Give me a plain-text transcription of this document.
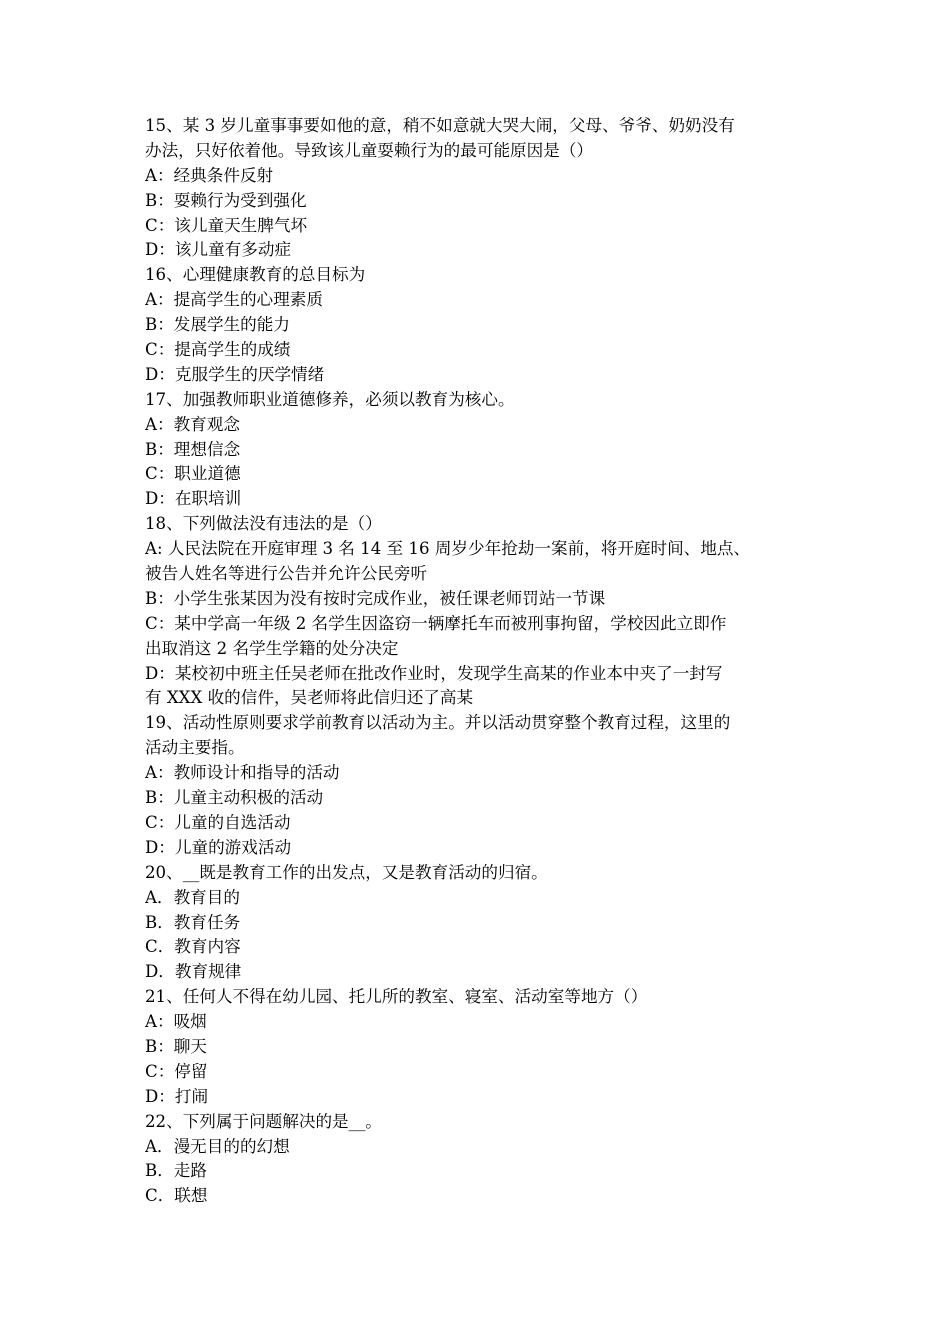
15、某 3 岁儿童事事要如他的意，稍不如意就大哭大闹，父母、爷爷、奶奶没有
办法，只好依着他。导致该儿童耍赖行为的最可能原因是（）
A：经典条件反射
B：耍赖行为受到强化
C：该儿童天生脾气坏
D：该儿童有多动症
16、心理健康教育的总目标为
A：提高学生的心理素质
B：发展学生的能力
C：提高学生的成绩
D：克服学生的厌学情绪
17、加强教师职业道德修养，必须以教育为核心。
A：教育观念
B：理想信念
C：职业道德
D：在职培训
18、下列做法没有违法的是（）
A: 人民法院在开庭审理 3 名 14 至 16 周岁少年抢劫一案前，将开庭时间、地点、
被告人姓名等进行公告并允许公民旁听
B：小学生张某因为没有按时完成作业，被任课老师罚站一节课
C：某中学高一年级 2 名学生因盗窃一辆摩托车而被刑事拘留，学校因此立即作
出取消这 2 名学生学籍的处分决定
D：某校初中班主任吴老师在批改作业时，发现学生高某的作业本中夹了一封写
有 XXX 收的信件，吴老师将此信归还了高某
19、活动性原则要求学前教育以活动为主。并以活动贯穿整个教育过程，这里的
活动主要指。
A：教师设计和指导的活动
B：儿童主动积极的活动
C：儿童的自选活动
D：儿童的游戏活动
20、__既是教育工作的出发点，又是教育活动的归宿。
A．教育目的
B．教育任务
C．教育内容
D．教育规律
21、任何人不得在幼儿园、托儿所的教室、寝室、活动室等地方（）
A：吸烟
B：聊天
C：停留
D：打闹
22、下列属于问题解决的是__。
A．漫无目的的幻想
B．走路
C．联想
